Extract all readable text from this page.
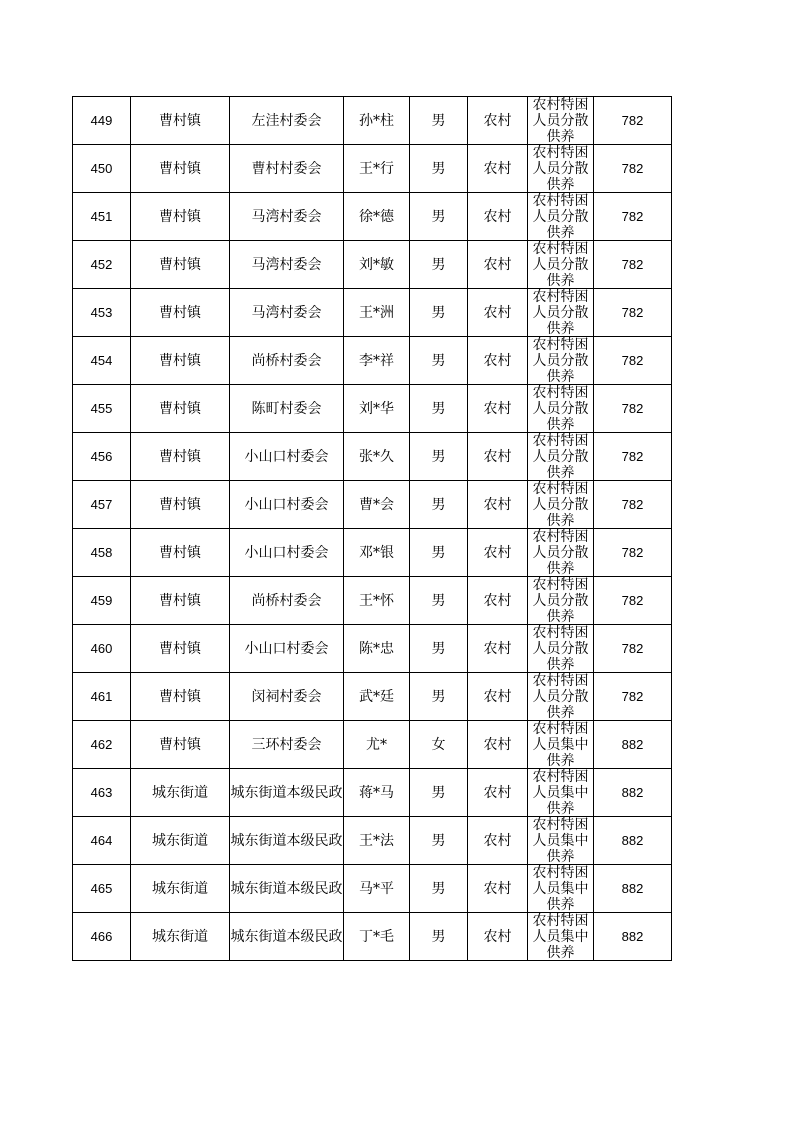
449	曹村镇	左洼村委会	孙*柱	男	农村	农村特困人员分散供养	782
450	曹村镇	曹村村委会	王*行	男	农村	农村特困人员分散供养	782
451	曹村镇	马湾村委会	徐*德	男	农村	农村特困人员分散供养	782
452	曹村镇	马湾村委会	刘*敏	男	农村	农村特困人员分散供养	782
453	曹村镇	马湾村委会	王*洲	男	农村	农村特困人员分散供养	782
454	曹村镇	尚桥村委会	李*祥	男	农村	农村特困人员分散供养	782
455	曹村镇	陈町村委会	刘*华	男	农村	农村特困人员分散供养	782
456	曹村镇	小山口村委会	张*久	男	农村	农村特困人员分散供养	782
457	曹村镇	小山口村委会	曹*会	男	农村	农村特困人员分散供养	782
458	曹村镇	小山口村委会	邓*银	男	农村	农村特困人员分散供养	782
459	曹村镇	尚桥村委会	王*怀	男	农村	农村特困人员分散供养	782
460	曹村镇	小山口村委会	陈*忠	男	农村	农村特困人员分散供养	782
461	曹村镇	闵祠村委会	武*廷	男	农村	农村特困人员分散供养	782
462	曹村镇	三环村委会	尤*	女	农村	农村特困人员集中供养	882
463	城东街道	城东街道本级民政	蒋*马	男	农村	农村特困人员集中供养	882
464	城东街道	城东街道本级民政	王*法	男	农村	农村特困人员集中供养	882
465	城东街道	城东街道本级民政	马*平	男	农村	农村特困人员集中供养	882
466	城东街道	城东街道本级民政	丁*毛	男	农村	农村特困人员集中供养	882
